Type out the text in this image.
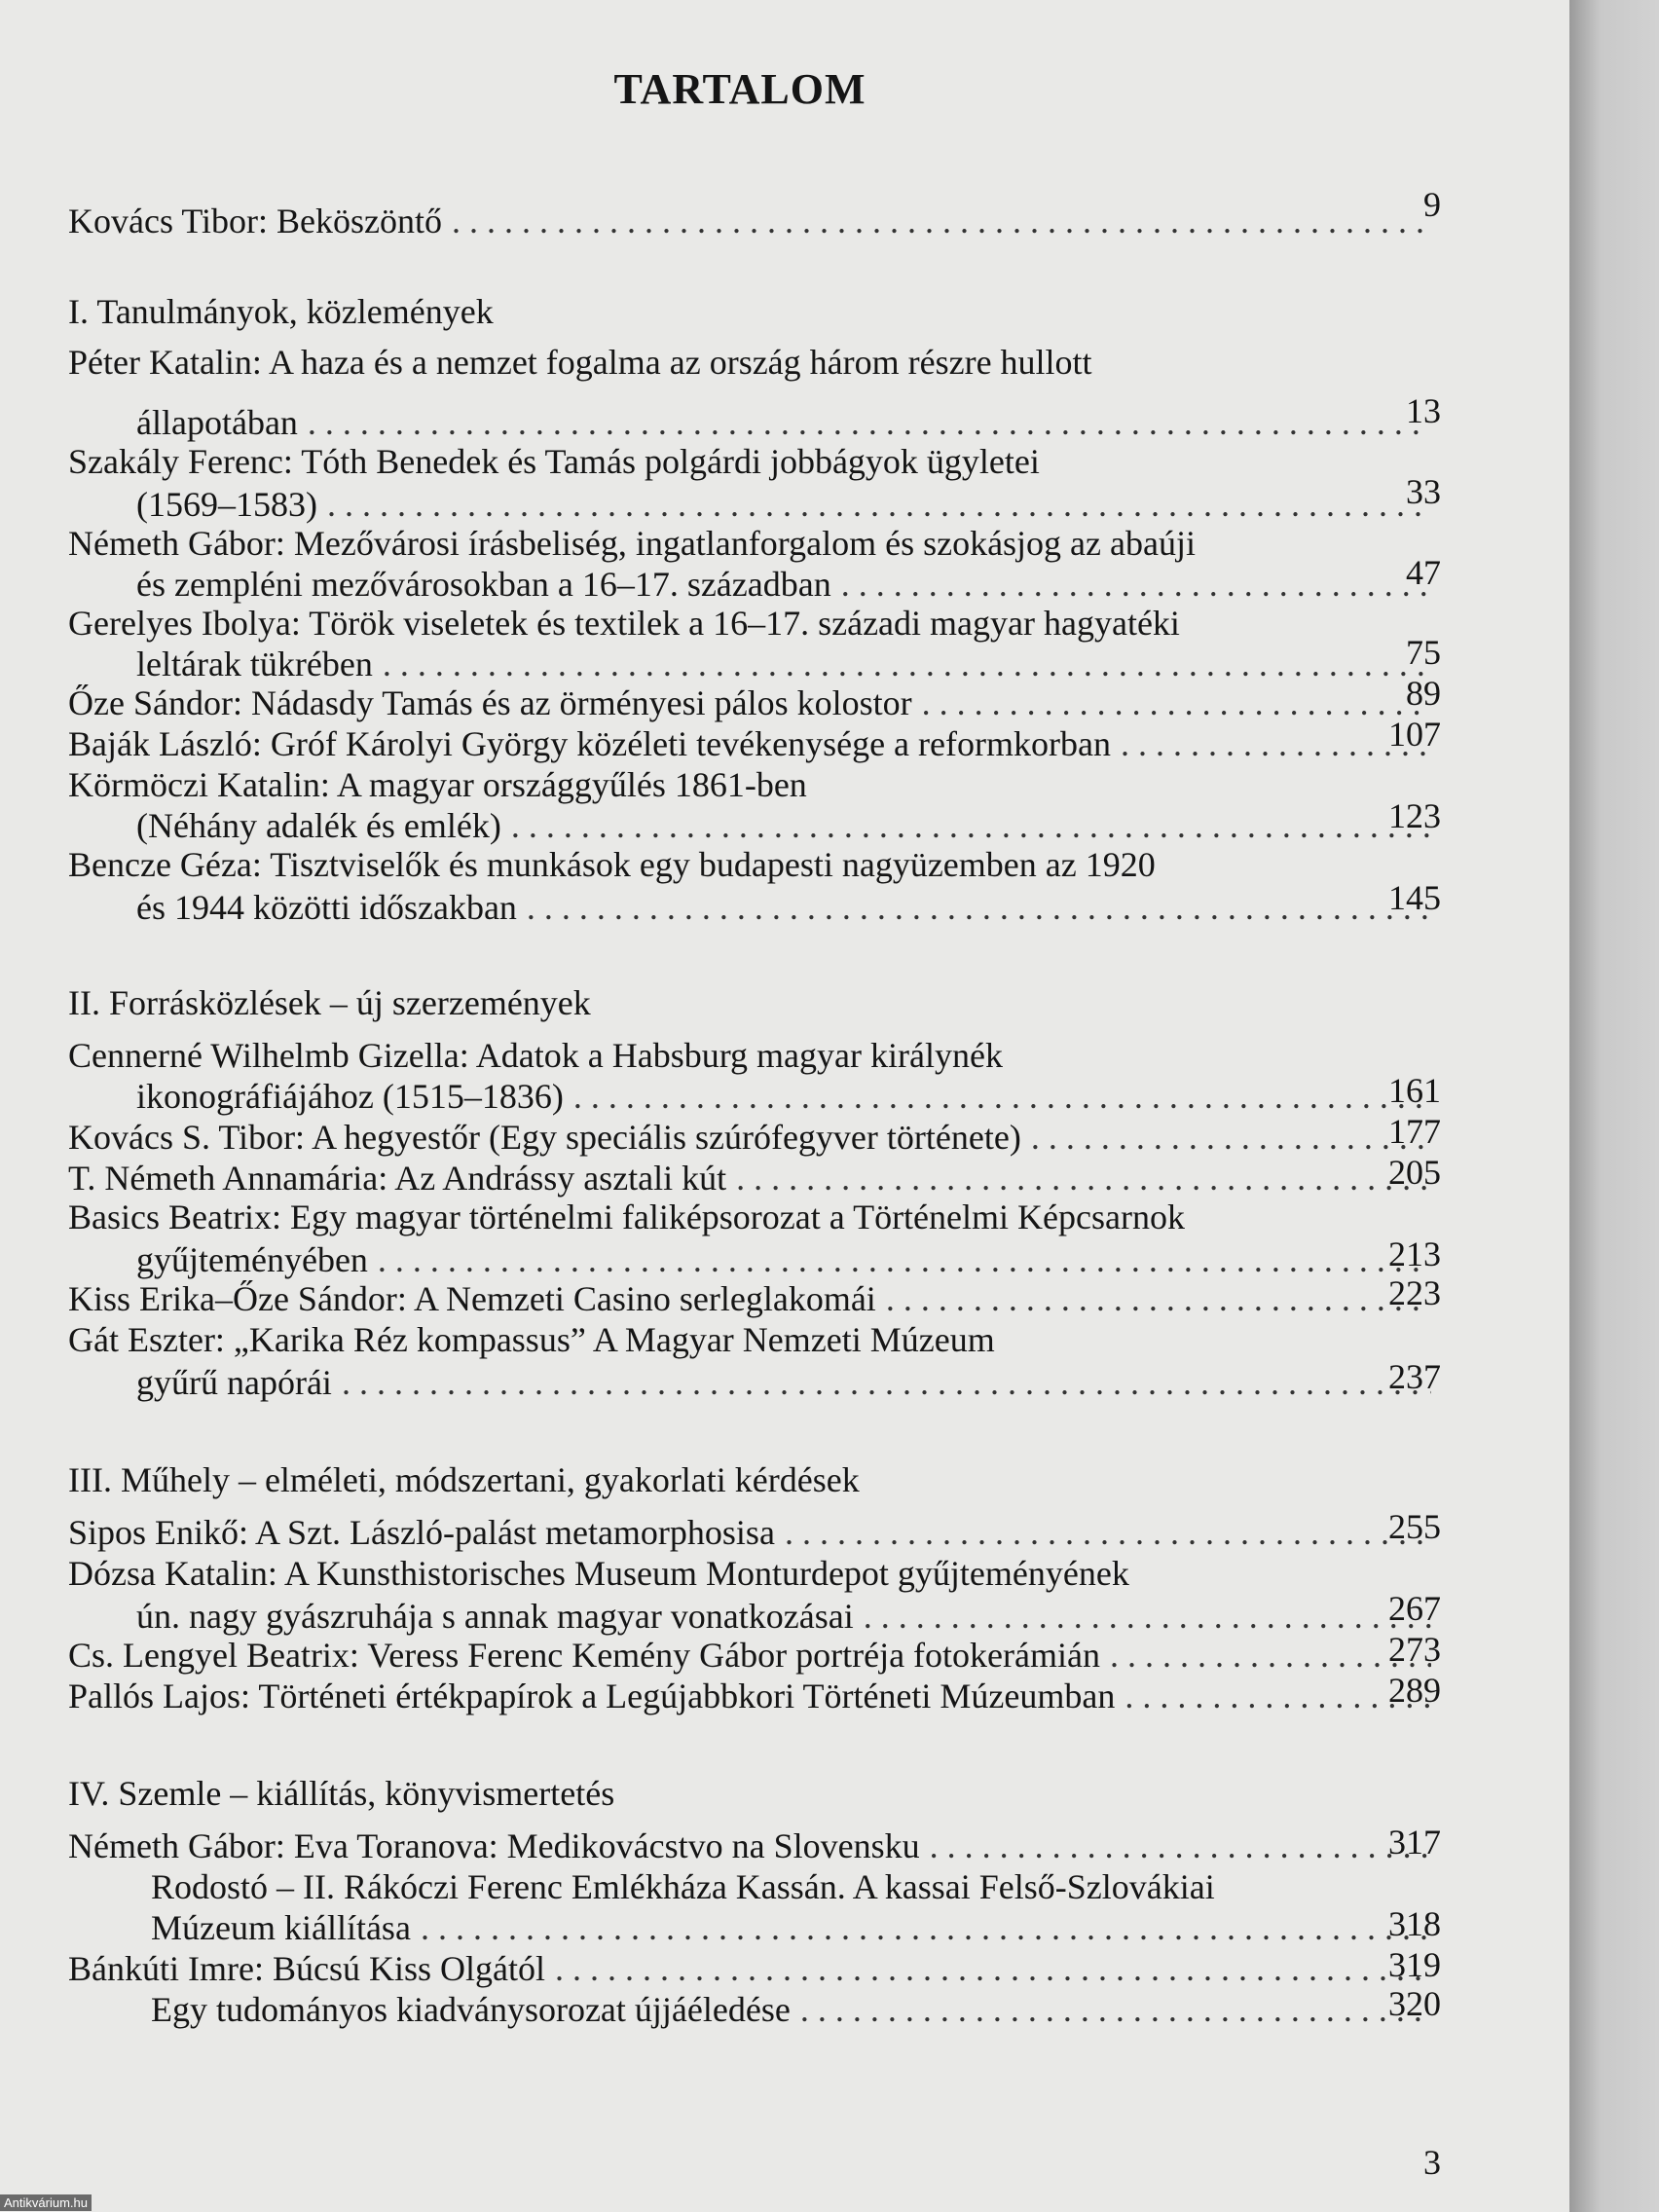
TARTALOM
Kovács Tibor: Beköszöntő . . .	9
I. Tanulmányok, közlemények
Péter Katalin: A haza és a nemzet fogalma az ország három részre hullott
állapotában . . .	13
Szakály Ferenc: Tóth Benedek és Tamás polgárdi jobbágyok ügyletei
(1569–1583) . . .	33
Németh Gábor: Mezővárosi írásbeliség, ingatlanforgalom és szokásjog az abaúji
és zempléni mezővárosokban a 16–17. században . . .	47
Gerelyes Ibolya: Török viseletek és textilek a 16–17. századi magyar hagyatéki
leltárak tükrében . . .	75
Őze Sándor: Nádasdy Tamás és az örményesi pálos kolostor . . .	89
Baják László: Gróf Károlyi György közéleti tevékenysége a reformkorban . . .	107
Körmöczi Katalin: A magyar országgyűlés 1861-ben
(Néhány adalék és emlék) . . .	123
Bencze Géza: Tisztviselők és munkások egy budapesti nagyüzemben az 1920
és 1944 közötti időszakban . . .	145
II. Forrásközlések – új szerzemények
Cennerné Wilhelmb Gizella: Adatok a Habsburg magyar királynék
ikonográfiájához (1515–1836) . . .	161
Kovács S. Tibor: A hegyestőr (Egy speciális szúrófegyver története) . . .	177
T. Németh Annamária: Az Andrássy asztali kút . . .	205
Basics Beatrix: Egy magyar történelmi faliképsorozat a Történelmi Képcsarnok
gyűjteményében . . .	213
Kiss Erika–Őze Sándor: A Nemzeti Casino serleglakomái . . .	223
Gát Eszter: „Karika Réz kompassus” A Magyar Nemzeti Múzeum
gyűrű napórái . . .	237
III. Műhely – elméleti, módszertani, gyakorlati kérdések
Sipos Enikő: A Szt. László-palást metamorphosisa . . .	255
Dózsa Katalin: A Kunsthistorisches Museum Monturdepot gyűjteményének
ún. nagy gyászruhája s annak magyar vonatkozásai . . .	267
Cs. Lengyel Beatrix: Veress Ferenc Kemény Gábor portréja fotokerámián . . .	273
Pallós Lajos: Történeti értékpapírok a Legújabbkori Történeti Múzeumban . . .	289
IV. Szemle – kiállítás, könyvismertetés
Németh Gábor: Eva Toranova: Medikovácstvo na Slovensku . . .	317
Rodostó – II. Rákóczi Ferenc Emlékháza Kassán. A kassai Felső-Szlovákiai
Múzeum kiállítása . . .	318
Bánkúti Imre: Búcsú Kiss Olgától . . .	319
Egy tudományos kiadványsorozat újjáéledése . . .	320
3
Antikvárium.hu
